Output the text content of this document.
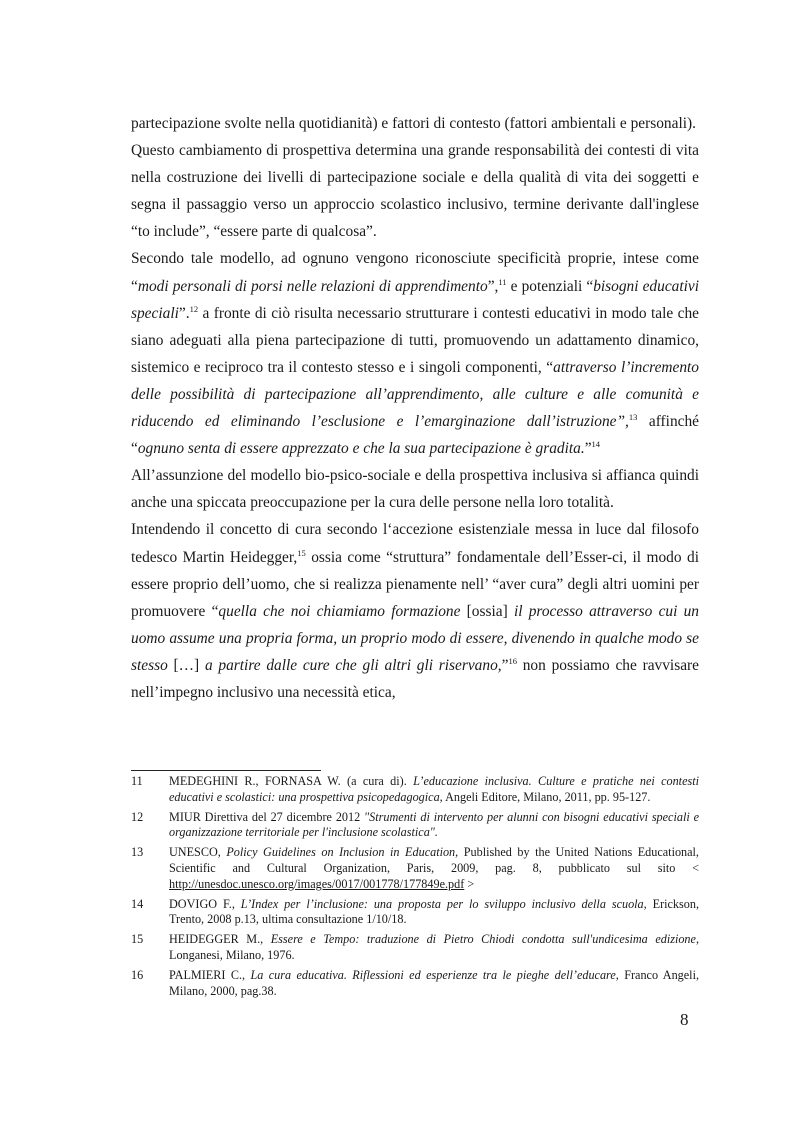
partecipazione svolte nella quotidianità) e fattori di contesto (fattori ambientali e personali).

Questo cambiamento di prospettiva determina una grande responsabilità dei contesti di vita nella costruzione dei livelli di partecipazione sociale e della qualità di vita dei soggetti e segna il passaggio verso un approccio scolastico inclusivo, termine derivante dall'inglese “to include”, “essere parte di qualcosa”.

Secondo tale modello, ad ognuno vengono riconosciute specificità proprie, intese come “modi personali di porsi nelle relazioni di apprendimento”,$^{11}$ e potenziali “bisogni educativi speciali”.$^{12}$ a fronte di ciò risulta necessario strutturare i contesti educativi in modo tale che siano adeguati alla piena partecipazione di tutti, promuovendo un adattamento dinamico, sistemico e reciproco tra il contesto stesso e i singoli componenti, “attraverso l’incremento delle possibilità di partecipazione all’apprendimento, alle culture e alle comunità e riducendo ed eliminando l’esclusione e l’emarginazione dall’istruzione”,$^{13}$ affinché “ognuno senta di essere apprezzato e che la sua partecipazione è gradita.”$^{14}$

All’assunzione del modello bio-psico-sociale e della prospettiva inclusiva si affianca quindi anche una spiccata preoccupazione per la cura delle persone nella loro totalità.

Intendendo il concetto di cura secondo l‘accezione esistenziale messa in luce dal filosofo tedesco Martin Heidegger,$^{15}$ ossia come “struttura” fondamentale dell’Esser-ci, il modo di essere proprio dell’uomo, che si realizza pienamente nell’ “aver cura” degli altri uomini per promuovere “quella che noi chiamiamo formazione [ossia] il processo attraverso cui un uomo assume una propria forma, un proprio modo di essere, divenendo in qualche modo se stesso […] a partire dalle cure che gli altri gli riservano,”$^{16}$ non possiamo che ravvisare nell’impegno inclusivo una necessità etica,

11	MEDEGHINI R., FORNASA W. (a cura di). L’educazione inclusiva. Culture e pratiche nei contesti educativi e scolastici: una prospettiva psicopedagogica, Angeli Editore, Milano, 2011, pp. 95-127.
12	MIUR Direttiva del 27 dicembre 2012 "Strumenti di intervento per alunni con bisogni educativi speciali e organizzazione territoriale per l'inclusione scolastica".
13	UNESCO, Policy Guidelines on Inclusion in Education, Published by the United Nations Educational, Scientific and Cultural Organization, Paris, 2009, pag. 8, pubblicato sul sito < http://unesdoc.unesco.org/images/0017/001778/177849e.pdf >
14	DOVIGO F., L’Index per l’inclusione: una proposta per lo sviluppo inclusivo della scuola, Erickson, Trento, 2008 p.13, ultima consultazione 1/10/18.
15	HEIDEGGER M., Essere e Tempo: traduzione di Pietro Chiodi condotta sull'undicesima edizione, Longanesi, Milano, 1976.
16	PALMIERI C., La cura educativa. Riflessioni ed esperienze tra le pieghe dell’educare, Franco Angeli, Milano, 2000, pag.38.
8
